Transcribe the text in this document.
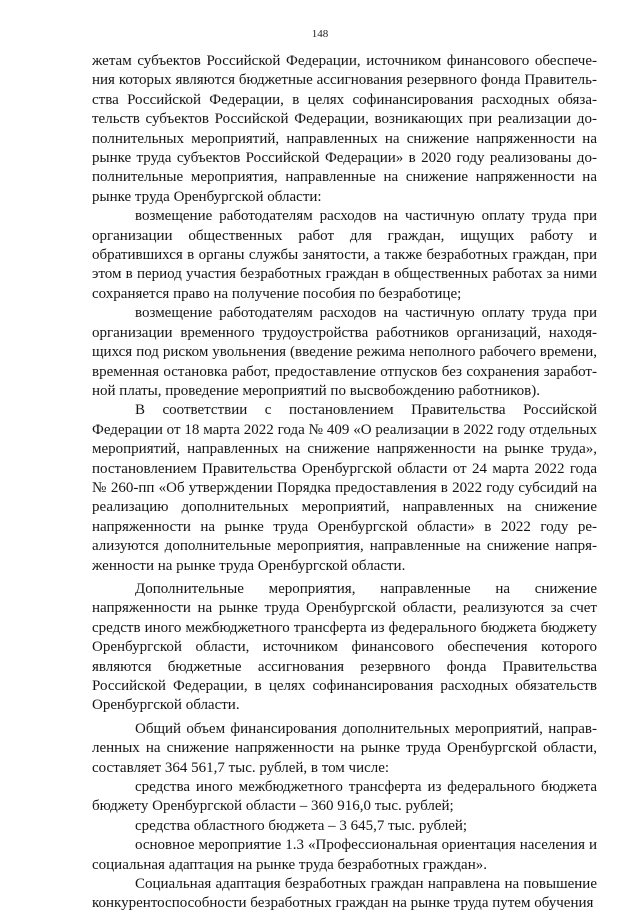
148

жетам субъектов Российской Федерации, источником финансового обеспечения которых являются бюджетные ассигнования резервного фонда Правительства Российской Федерации, в целях софинансирования расходных обязательств субъектов Российской Федерации, возникающих при реализации дополнительных мероприятий, направленных на снижение напряженности на рынке труда субъектов Российской Федерации» в 2020 году реализованы дополнительные мероприятия, направленные на снижение напряженности на рынке труда Оренбургской области:

возмещение работодателям расходов на частичную оплату труда при организации общественных работ для граждан, ищущих работу и обратившихся в органы службы занятости, а также безработных граждан, при этом в период участия безработных граждан в общественных работах за ними сохраняется право на получение пособия по безработице;

возмещение работодателям расходов на частичную оплату труда при организации временного трудоустройства работников организаций, находящихся под риском увольнения (введение режима неполного рабочего времени, временная остановка работ, предоставление отпусков без сохранения заработной платы, проведение мероприятий по высвобождению работников).

В соответствии с постановлением Правительства Российской Федерации от 18 марта 2022 года № 409 «О реализации в 2022 году отдельных мероприятий, направленных на снижение напряженности на рынке труда», постановлением Правительства Оренбургской области от 24 марта 2022 года № 260-пп «Об утверждении Порядка предоставления в 2022 году субсидий на реализацию дополнительных мероприятий, направленных на снижение напряженности на рынке труда Оренбургской области» в 2022 году реализуются дополнительные мероприятия, направленные на снижение напряженности на рынке труда Оренбургской области.

Дополнительные мероприятия, направленные на снижение напряженности на рынке труда Оренбургской области, реализуются за счет средств иного межбюджетного трансферта из федерального бюджета бюджету Оренбургской области, источником финансового обеспечения которого являются бюджетные ассигнования резервного фонда Правительства Российской Федерации, в целях софинансирования расходных обязательств Оренбургской области.

Общий объем финансирования дополнительных мероприятий, направленных на снижение напряженности на рынке труда Оренбургской области, составляет 364 561,7 тыс. рублей, в том числе:

средства иного межбюджетного трансферта из федерального бюджета бюджету Оренбургской области – 360 916,0 тыс. рублей;

средства областного бюджета – 3 645,7 тыс. рублей;

основное мероприятие 1.3 «Профессиональная ориентация населения и социальная адаптация на рынке труда безработных граждан».

Социальная адаптация безработных граждан направлена на повышение конкурентоспособности безработных граждан на рынке труда путем обучения
